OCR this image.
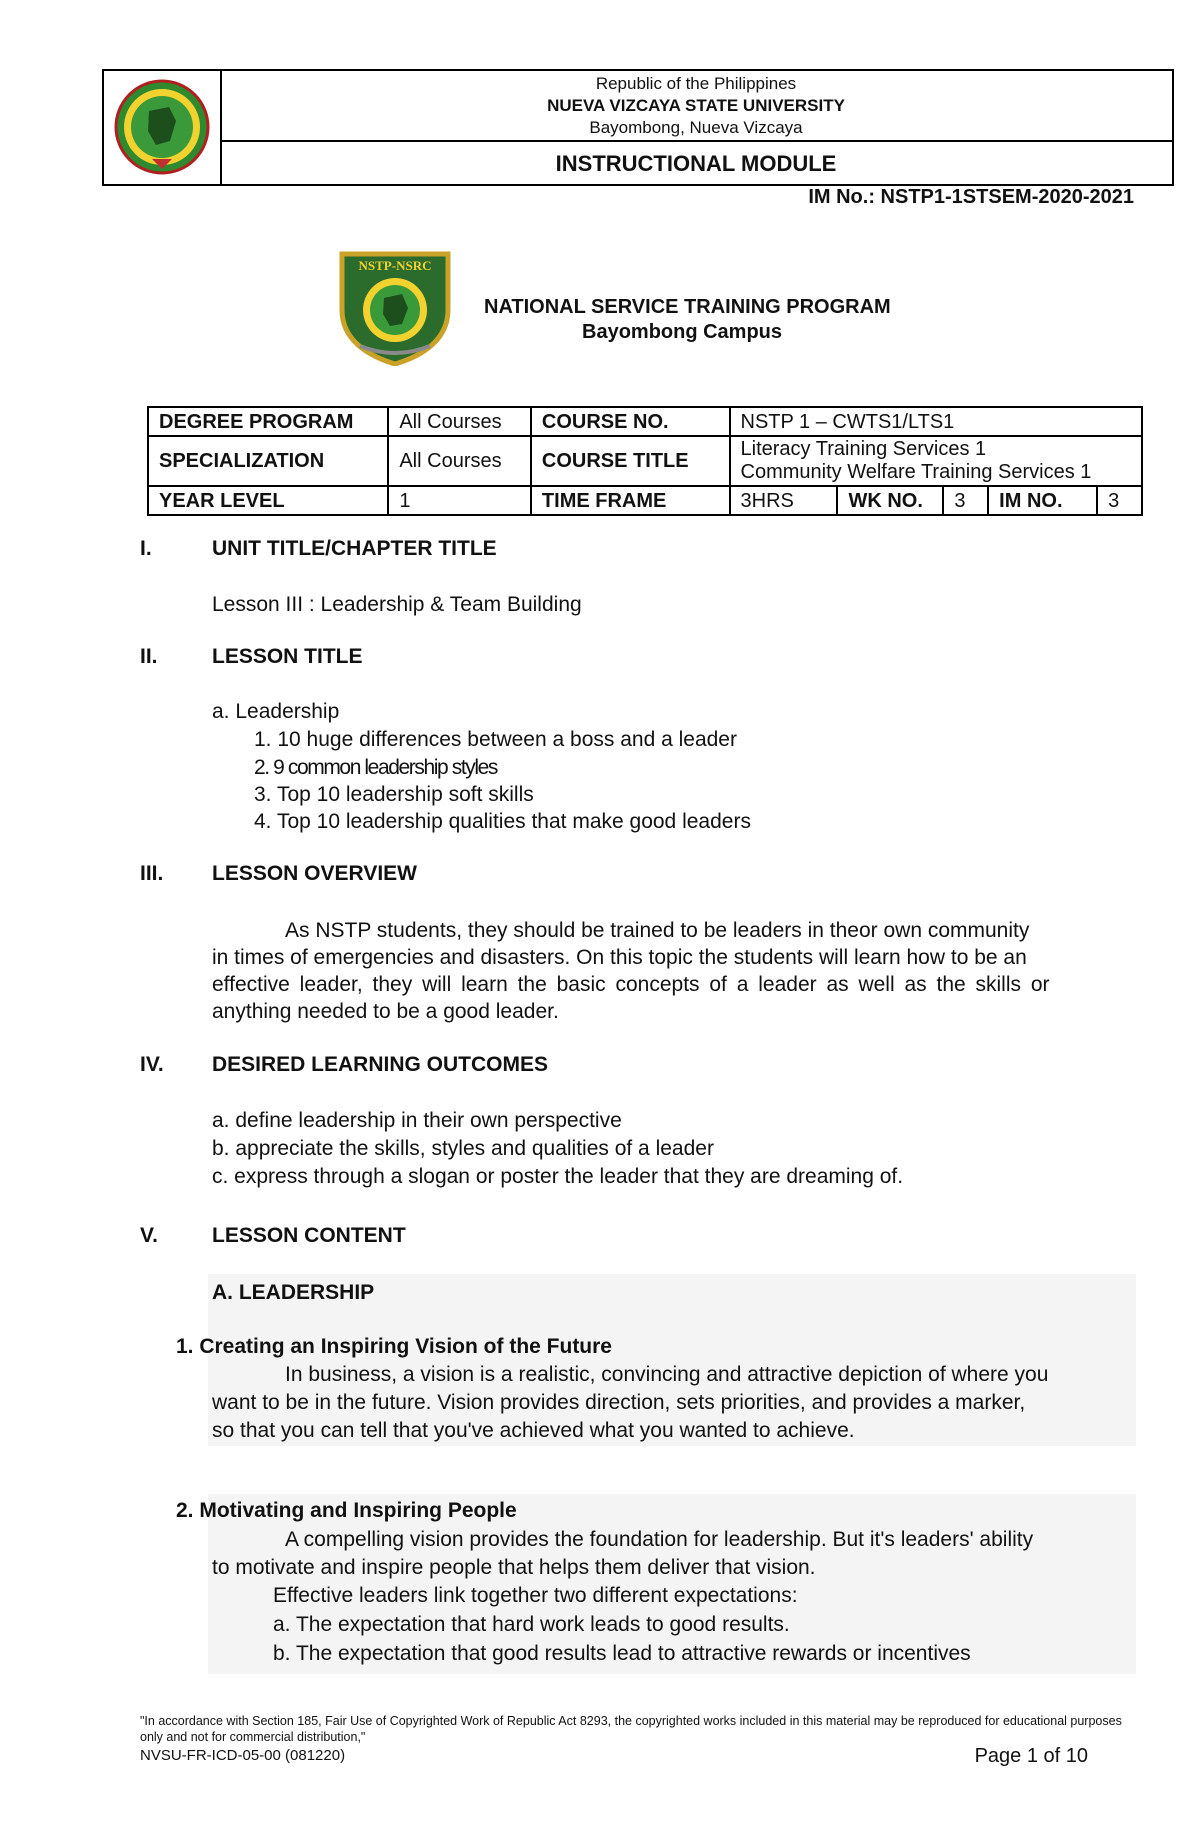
Republic of the Philippines
NUEVA VIZCAYA STATE UNIVERSITY
Bayombong, Nueva Vizcaya
INSTRUCTIONAL MODULE
IM No.: NSTP1-1STSEM-2020-2021
NSTP-NSRC
NATIONAL SERVICE TRAINING PROGRAM
Bayombong Campus
DEGREE PROGRAM	All Courses	COURSE NO.	NSTP 1 – CWTS1/LTS1				
SPECIALIZATION	All Courses	COURSE TITLE	Literacy Training Services 1
Community Welfare Training Services 1				

YEAR LEVEL	1	TIME FRAME	3HRS	WK NO.	3	IM NO.	3
I.	UNIT TITLE/CHAPTER TITLE
Lesson III : Leadership & Team Building
II.	LESSON TITLE
a. Leadership
1. 10 huge differences between a boss and a leader
2. 9 common leadership styles
3. Top 10 leadership soft skills
4. Top 10 leadership qualities that make good leaders
III. LESSON OVERVIEW
As NSTP students, they should be trained to be leaders in theor own community
in times of emergencies and disasters. On this topic the students will learn how to be an
effective leader, they will learn the basic concepts of a leader as well as the skills or
anything needed to be a good leader.
IV. DESIRED LEARNING OUTCOMES
a. define leadership in their own perspective
b. appreciate the skills, styles and qualities of a leader
c. express through a slogan or poster the leader that they are dreaming of.
V.	LESSON CONTENT
A. LEADERSHIP
1. Creating an Inspiring Vision of the Future
In business, a vision is a realistic, convincing and attractive depiction of where you
want to be in the future. Vision provides direction, sets priorities, and provides a marker,
so that you can tell that you've achieved what you wanted to achieve.
2. Motivating and Inspiring People
A compelling vision provides the foundation for leadership. But it's leaders' ability
to motivate and inspire people that helps them deliver that vision.
Effective leaders link together two different expectations:
a. The expectation that hard work leads to good results.
b. The expectation that good results lead to attractive rewards or incentives
"In accordance with Section 185, Fair Use of Copyrighted Work of Republic Act 8293, the copyrighted works included in this material may be reproduced for educational purposes only and not for commercial distribution,"
NVSU-FR-ICD-05-00 (081220)	Page 1 of 10
